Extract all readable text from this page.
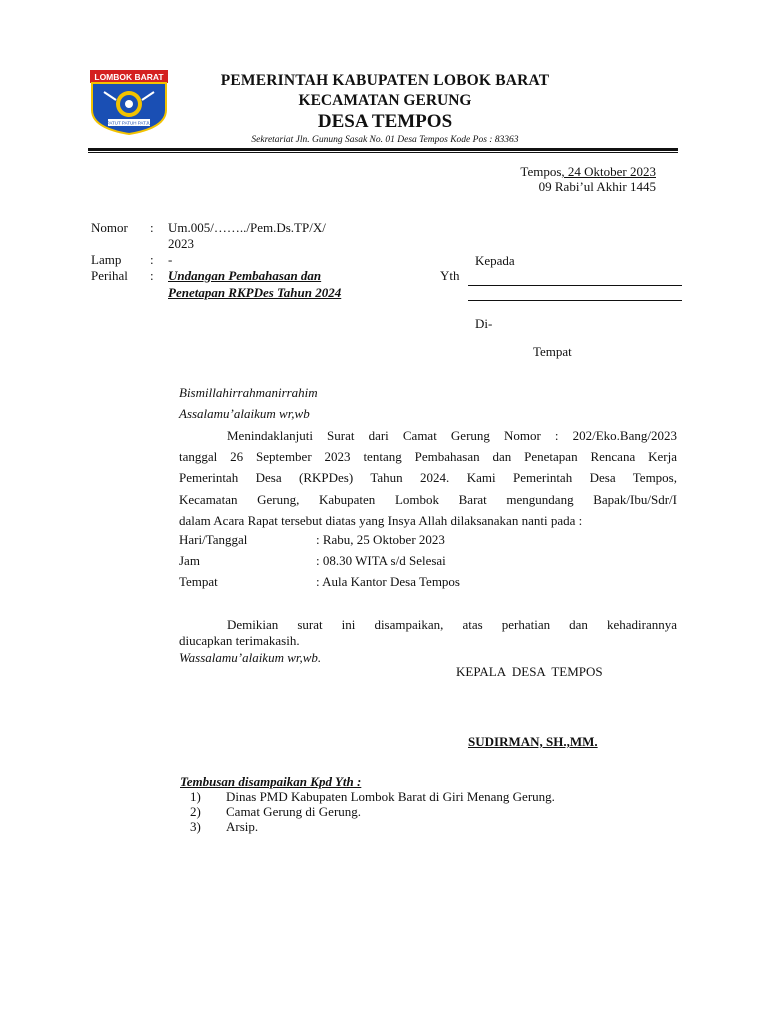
LOMBOK BARAT
PATUT PATUH PATJU
PEMERINTAH KABUPATEN LOBOK BARAT
KECAMATAN GERUNG
DESA TEMPOS
Sekretariat Jln. Gunung Sasak No. 01 Desa Tempos Kode Pos : 83363
Tempos, 24 Oktober 2023
09 Rabi’ul Akhir 1445
Nomor : Um.005/……../Pem.Ds.TP/X/
2023
Lamp : -
Perihal : Undangan Pembahasan dan
Penetapan RKPDes Tahun 2024
Kepada
Yth
Di-
Tempat
Bismillahirrahmanirrahim
Assalamu’alaikum wr,wb
Menindaklanjuti Surat dari Camat Gerung Nomor : 202/Eko.Bang/2023
tanggal 26 September 2023 tentang Pembahasan dan Penetapan Rencana Kerja
Pemerintah Desa (RKPDes) Tahun 2024. Kami Pemerintah Desa Tempos,
Kecamatan Gerung, Kabupaten Lombok Barat mengundang Bapak/Ibu/Sdr/I
dalam Acara Rapat tersebut diatas yang Insya Allah dilaksanakan nanti pada :
Hari/Tanggal	: Rabu, 25 Oktober 2023
Jam	: 08.30 WITA s/d Selesai
Tempat	: Aula Kantor Desa Tempos
Demikian surat ini disampaikan, atas perhatian dan kehadirannya
diucapkan terimakasih.
Wassalamu’alaikum wr,wb.
KEPALA  DESA  TEMPOS
SUDIRMAN, SH.,MM.
Tembusan disampaikan Kpd Yth :
1) Dinas PMD Kabupaten Lombok Barat di Giri Menang Gerung.
2) Camat Gerung di Gerung.
3) Arsip.
